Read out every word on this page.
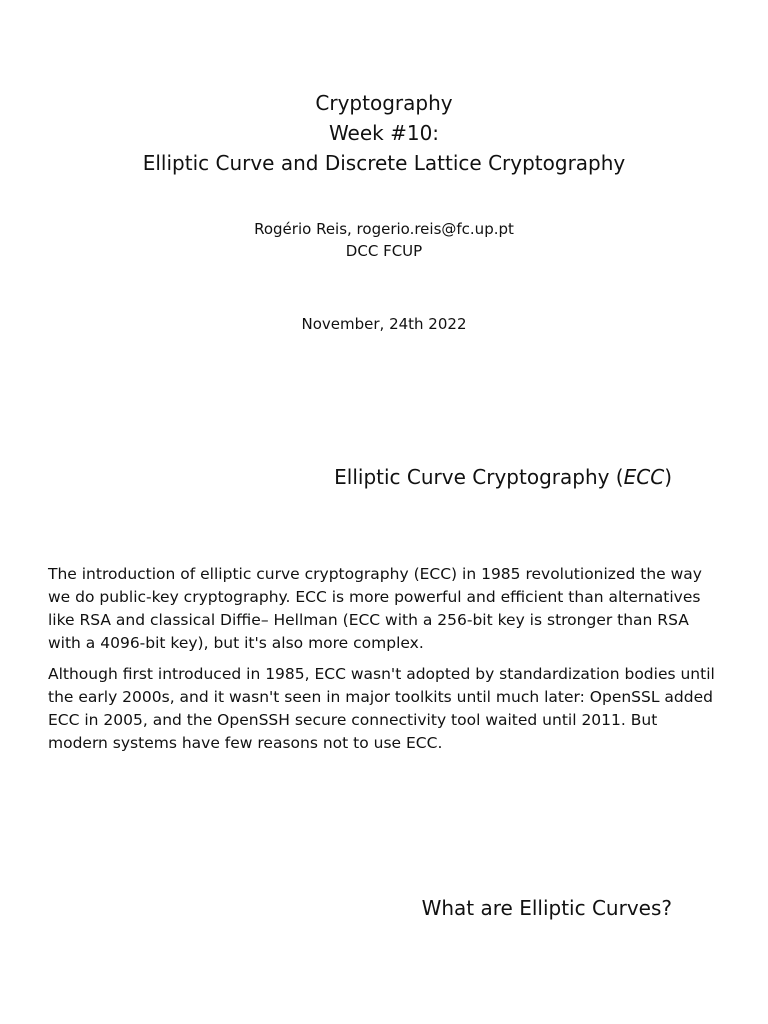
Cryptography
Week #10:
Elliptic Curve and Discrete Lattice Cryptography
Rogério Reis, rogerio.reis@fc.up.pt
DCC FCUP
November, 24th 2022
Elliptic Curve Cryptography (ECC)

The introduction of elliptic curve cryptography (ECC) in 1985 revolutionized the way we do public-key cryptography. ECC is more powerful and efficient than alternatives like RSA and classical Diffie– Hellman (ECC with a 256-bit key is stronger than RSA with a 4096-bit key), but it's also more complex.

Although first introduced in 1985, ECC wasn't adopted by standardization bodies until the early 2000s, and it wasn't seen in major toolkits until much later: OpenSSL added ECC in 2005, and the OpenSSH secure connectivity tool waited until 2011. But modern systems have few reasons not to use ECC.

What are Elliptic Curves?
